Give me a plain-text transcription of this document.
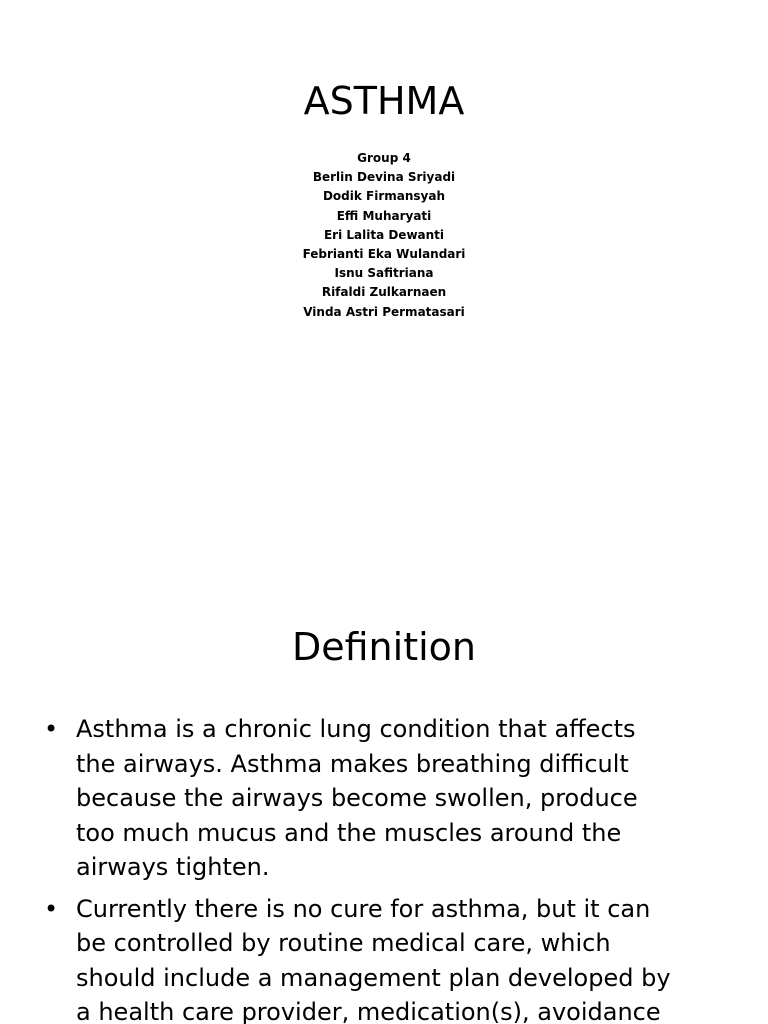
ASTHMA
Group 4
Berlin Devina Sriyadi
Dodik Firmansyah
Effi Muharyati
Eri Lalita Dewanti
Febrianti Eka Wulandari
Isnu Safitriana
Rifaldi Zulkarnaen
Vinda Astri Permatasari
Definition
• Asthma is a chronic lung condition that affects
the airways. Asthma makes breathing difficult
because the airways become swollen, produce
too much mucus and the muscles around the
airways tighten.
• Currently there is no cure for asthma, but it can
be controlled by routine medical care, which
should include a management plan developed by
a health care provider, medication(s), avoidance
